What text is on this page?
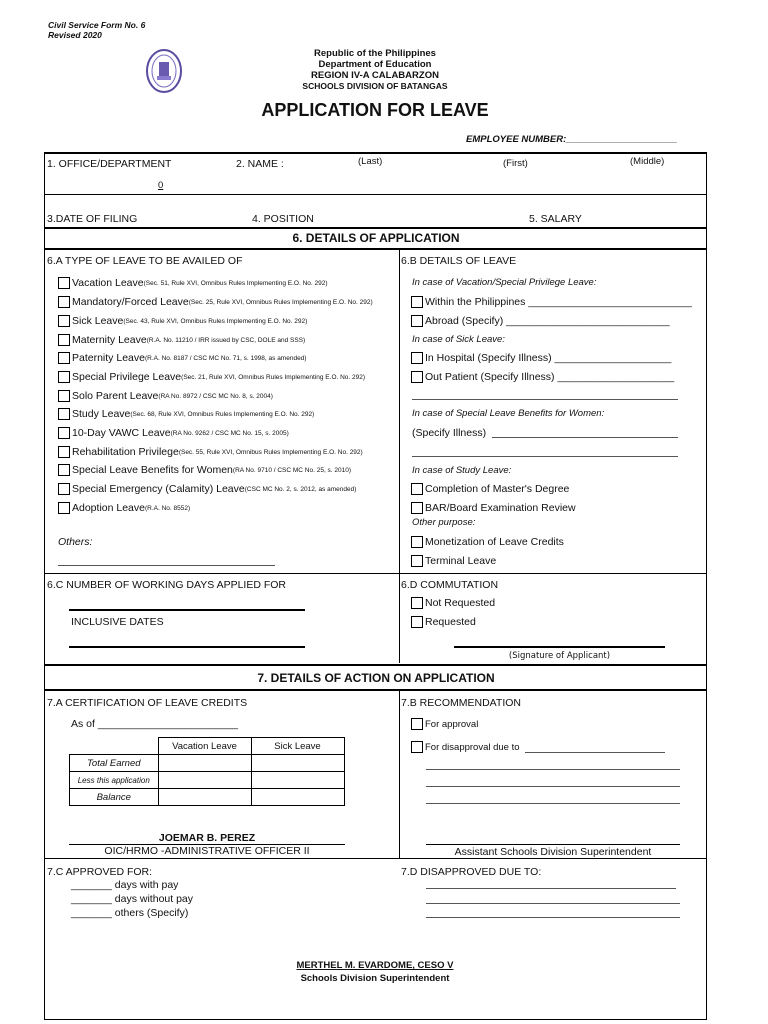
Civil Service Form No. 6
Revised 2020
Republic of the Philippines
Department of Education
REGION IV-A CALABARZON
SCHOOLS DIVISION OF BATANGAS
APPLICATION FOR LEAVE
EMPLOYEE NUMBER:_____________________
1. OFFICE/DEPARTMENT	2. NAME :	(Last)	(First)	(Middle)
0
3.DATE OF FILING	4. POSITION	5. SALARY
6. DETAILS OF APPLICATION
6.A TYPE OF LEAVE TO BE AVAILED OF
Vacation Leave (Sec. 51, Rule XVI, Omnibus Rules Implementing E.O. No. 292)
Mandatory/Forced Leave (Sec. 25, Rule XVI, Omnibus Rules Implementing E.O. No. 292)
Sick Leave (Sec. 43, Rule XVI, Omnibus Rules Implementing E.O. No. 292)
Maternity Leave (R.A. No. 11210 / IRR issued by CSC, DOLE and SSS)
Paternity Leave (R.A. No. 8187 / CSC MC No. 71, s. 1998, as amended)
Special Privilege Leave (Sec. 21, Rule XVI, Omnibus Rules Implementing E.O. No. 292)
Solo Parent Leave (RA No. 8972 / CSC MC No. 8, s. 2004)
Study Leave (Sec. 68, Rule XVI, Omnibus Rules Implementing E.O. No. 292)
10-Day VAWC Leave (RA No. 9262 / CSC MC No. 15, s. 2005)
Rehabilitation Privilege (Sec. 55, Rule XVI, Omnibus Rules Implementing E.O. No. 292)
Special Leave Benefits for Women (RA No. 9710 / CSC MC No. 25, s. 2010)
Special Emergency (Calamity) Leave (CSC MC No. 2, s. 2012, as amended)
Adoption Leave (R.A. No. 8552)
Others:
6.B DETAILS OF LEAVE
In case of Vacation/Special Privilege Leave:
Within the Philippines ____________________________
Abroad (Specify) ____________________________
In case of Sick Leave:
In Hospital (Specify Illness) ____________________
Out Patient (Specify Illness) ____________________
In case of Special Leave Benefits for Women:
(Specify Illness)
In case of Study Leave:
Completion of Master's Degree
BAR/Board Examination Review
Other purpose:
Monetization of Leave Credits
Terminal Leave
6.C NUMBER OF WORKING DAYS APPLIED FOR
INCLUSIVE DATES
6.D COMMUTATION
Not Requested
Requested
(Signature of Applicant)
7. DETAILS OF ACTION ON APPLICATION
7.A CERTIFICATION OF LEAVE CREDITS
As of ________________________
	Vacation Leave	Sick Leave
Total Earned		
Less this application		
Balance		
JOEMAR B. PEREZ
OIC/HRMO -ADMINISTRATIVE OFFICER II
7.B RECOMMENDATION
For approval
For disapproval due to
Assistant Schools Division Superintendent
7.C APPROVED FOR:
_______ days with pay
_______ days without pay
_______ others (Specify)
7.D DISAPPROVED DUE TO:
MERTHEL M. EVARDOME, CESO V
Schools Division Superintendent
